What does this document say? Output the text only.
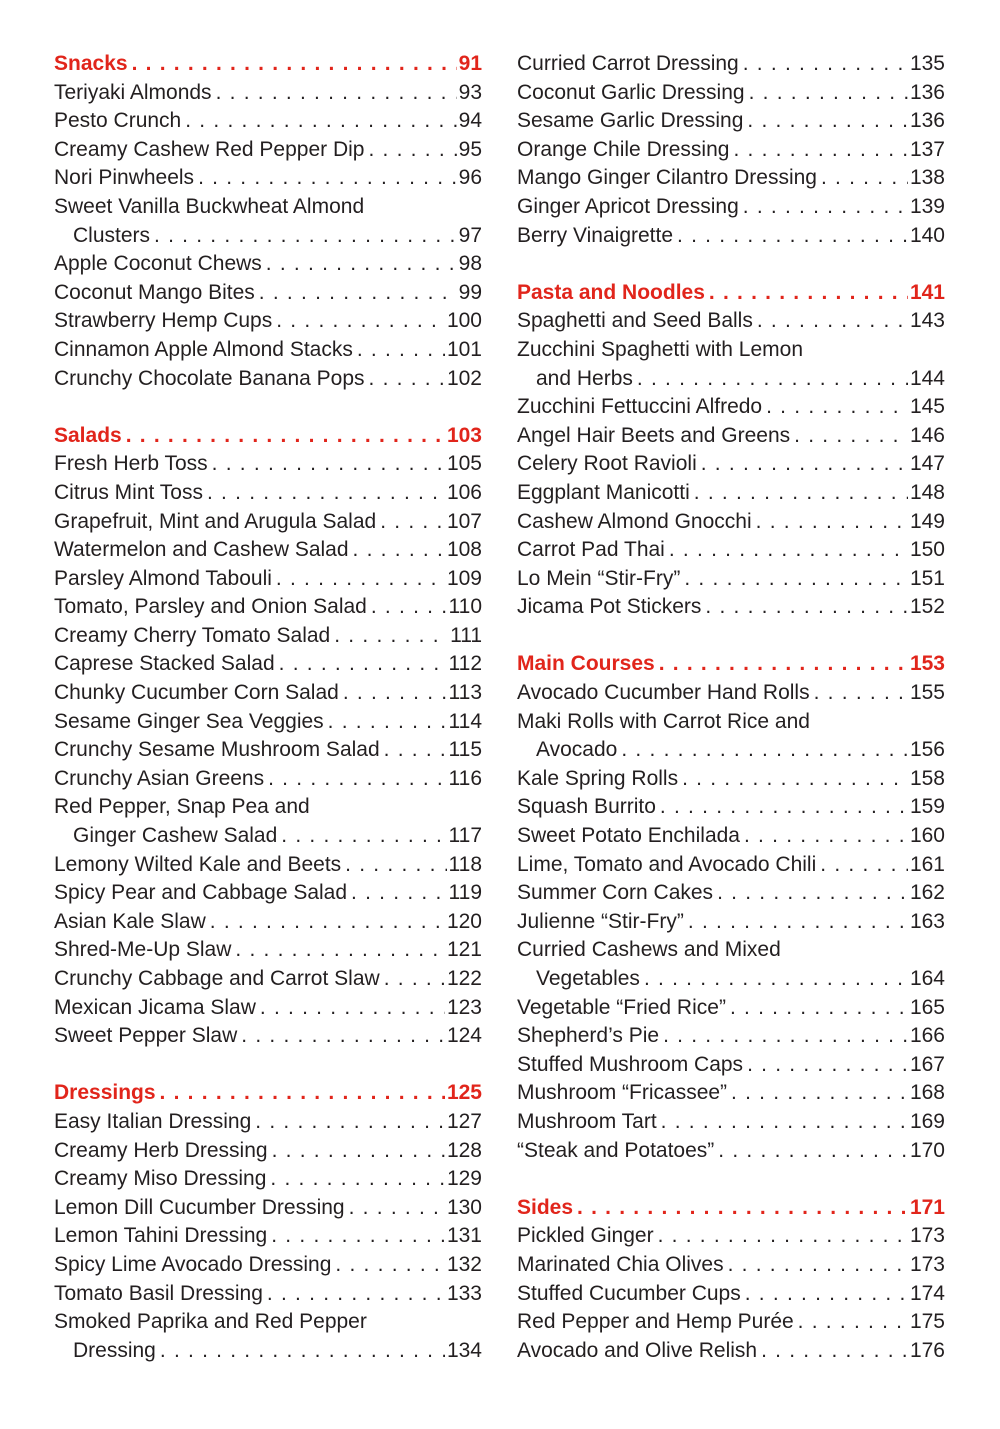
Snacks . . .	91
Teriyaki Almonds . . .	93
Pesto Crunch . . .	94
Creamy Cashew Red Pepper Dip . . .	95
Nori Pinwheels . . .	96
Sweet Vanilla Buckwheat Almond
Clusters . . .	97
Apple Coconut Chews . . .	98
Coconut Mango Bites . . .	99
Strawberry Hemp Cups . . .	100
Cinnamon Apple Almond Stacks . . .	101
Crunchy Chocolate Banana Pops . . .	102
Salads . . .	103
Fresh Herb Toss . . .	105
Citrus Mint Toss . . .	106
Grapefruit, Mint and Arugula Salad . . .	107
Watermelon and Cashew Salad . . .	108
Parsley Almond Tabouli . . .	109
Tomato, Parsley and Onion Salad . . .	110
Creamy Cherry Tomato Salad . . .	111
Caprese Stacked Salad . . .	112
Chunky Cucumber Corn Salad . . .	113
Sesame Ginger Sea Veggies . . .	114
Crunchy Sesame Mushroom Salad . . .	115
Crunchy Asian Greens . . .	116
Red Pepper, Snap Pea and
Ginger Cashew Salad . . .	117
Lemony Wilted Kale and Beets . . .	118
Spicy Pear and Cabbage Salad . . .	119
Asian Kale Slaw . . .	120
Shred-Me-Up Slaw . . .	121
Crunchy Cabbage and Carrot Slaw . . .	122
Mexican Jicama Slaw . . .	123
Sweet Pepper Slaw . . .	124
Dressings . . .	125
Easy Italian Dressing . . .	127
Creamy Herb Dressing . . .	128
Creamy Miso Dressing . . .	129
Lemon Dill Cucumber Dressing . . .	130
Lemon Tahini Dressing . . .	131
Spicy Lime Avocado Dressing . . .	132
Tomato Basil Dressing . . .	133
Smoked Paprika and Red Pepper
Dressing . . .	134
Curried Carrot Dressing . . .	135
Coconut Garlic Dressing . . .	136
Sesame Garlic Dressing . . .	136
Orange Chile Dressing . . .	137
Mango Ginger Cilantro Dressing . . .	138
Ginger Apricot Dressing . . .	139
Berry Vinaigrette . . .	140
Pasta and Noodles . . .	141
Spaghetti and Seed Balls . . .	143
Zucchini Spaghetti with Lemon
and Herbs . . .	144
Zucchini Fettuccini Alfredo . . .	145
Angel Hair Beets and Greens . . .	146
Celery Root Ravioli . . .	147
Eggplant Manicotti . . .	148
Cashew Almond Gnocchi . . .	149
Carrot Pad Thai . . .	150
Lo Mein “Stir-Fry” . . .	151
Jicama Pot Stickers . . .	152
Main Courses . . .	153
Avocado Cucumber Hand Rolls . . .	155
Maki Rolls with Carrot Rice and
Avocado . . .	156
Kale Spring Rolls . . .	158
Squash Burrito . . .	159
Sweet Potato Enchilada . . .	160
Lime, Tomato and Avocado Chili . . .	161
Summer Corn Cakes . . .	162
Julienne “Stir-Fry” . . .	163
Curried Cashews and Mixed
Vegetables . . .	164
Vegetable “Fried Rice” . . .	165
Shepherd’s Pie . . .	166
Stuffed Mushroom Caps . . .	167
Mushroom “Fricassee” . . .	168
Mushroom Tart . . .	169
“Steak and Potatoes” . . .	170
Sides . . .	171
Pickled Ginger . . .	173
Marinated Chia Olives . . .	173
Stuffed Cucumber Cups . . .	174
Red Pepper and Hemp Purée . . .	175
Avocado and Olive Relish . . .	176
